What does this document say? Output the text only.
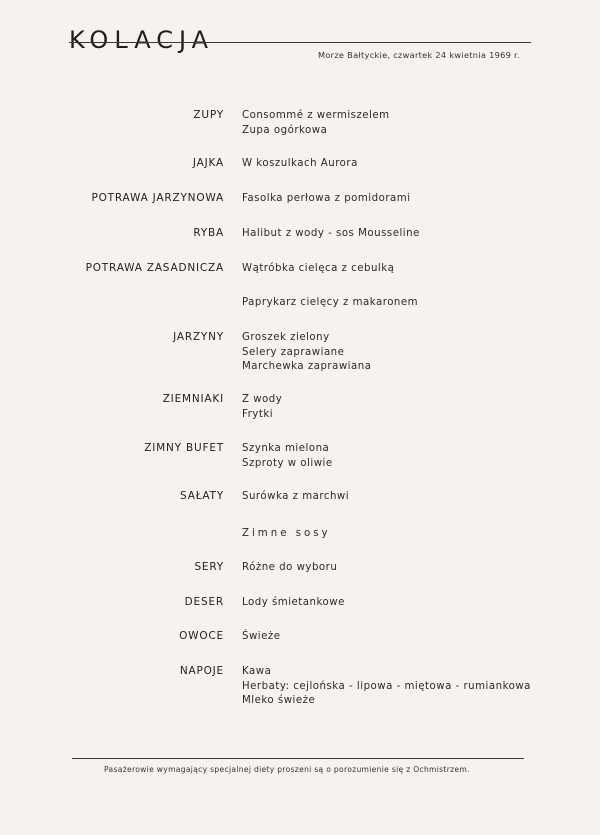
KOLACJA
Morze Bałtyckie, czwartek 24 kwietnia 1969 r.
ZUPY Consommé z wermiszelem
Zupa ogórkowa
JAJKA W koszulkach Aurora
POTRAWA JARZYNOWA Fasolka perłowa z pomidorami
RYBA Halibut z wody - sos Mousseline
POTRAWA ZASADNICZA Wątróbka cielęca z cebulką
Paprykarz cielęcy z makaronem
JARZYNY Groszek zielony
Selery zaprawiane
Marchewka zaprawiana
ZIEMNIAKI Z wody
Frytki
ZIMNY BUFET Szynka mielona
Szproty w oliwie
SAŁATY Surówka z marchwi
Zimne sosy
SERY Różne do wyboru
DESER Lody śmietankowe
OWOCE Świeże
NAPOJE Kawa
Herbaty: cejlońska - lipowa - miętowa - rumiankowa
Mleko świeże
Pasażerowie wymagający specjalnej diety proszeni są o porozumienie się z Ochmistrzem.
